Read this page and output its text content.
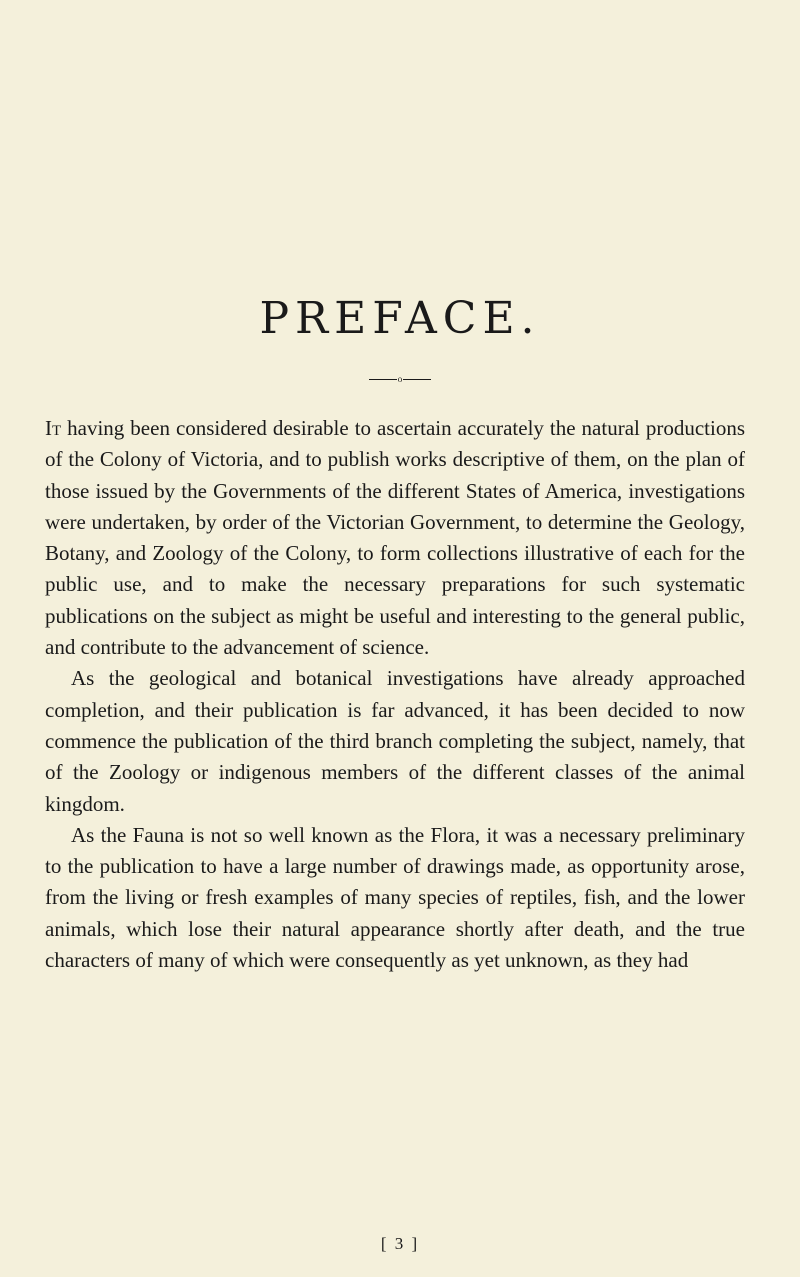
PREFACE.
o

It having been considered desirable to ascertain accurately the natural productions of the Colony of Victoria, and to publish works descriptive of them, on the plan of those issued by the Governments of the different States of America, investigations were undertaken, by order of the Victorian Government, to determine the Geology, Botany, and Zoology of the Colony, to form collections illustrative of each for the public use, and to make the necessary preparations for such systematic publications on the subject as might be useful and interesting to the general public, and contribute to the advancement of science.

As the geological and botanical investigations have already approached completion, and their publication is far advanced, it has been decided to now commence the publication of the third branch completing the subject, namely, that of the Zoology or indigenous members of the different classes of the animal kingdom.

As the Fauna is not so well known as the Flora, it was a necessary preliminary to the publication to have a large number of drawings made, as opportunity arose, from the living or fresh examples of many species of reptiles, fish, and the lower animals, which lose their natural appearance shortly after death, and the true characters of many of which were consequently as yet unknown, as they had

[ 3 ]
